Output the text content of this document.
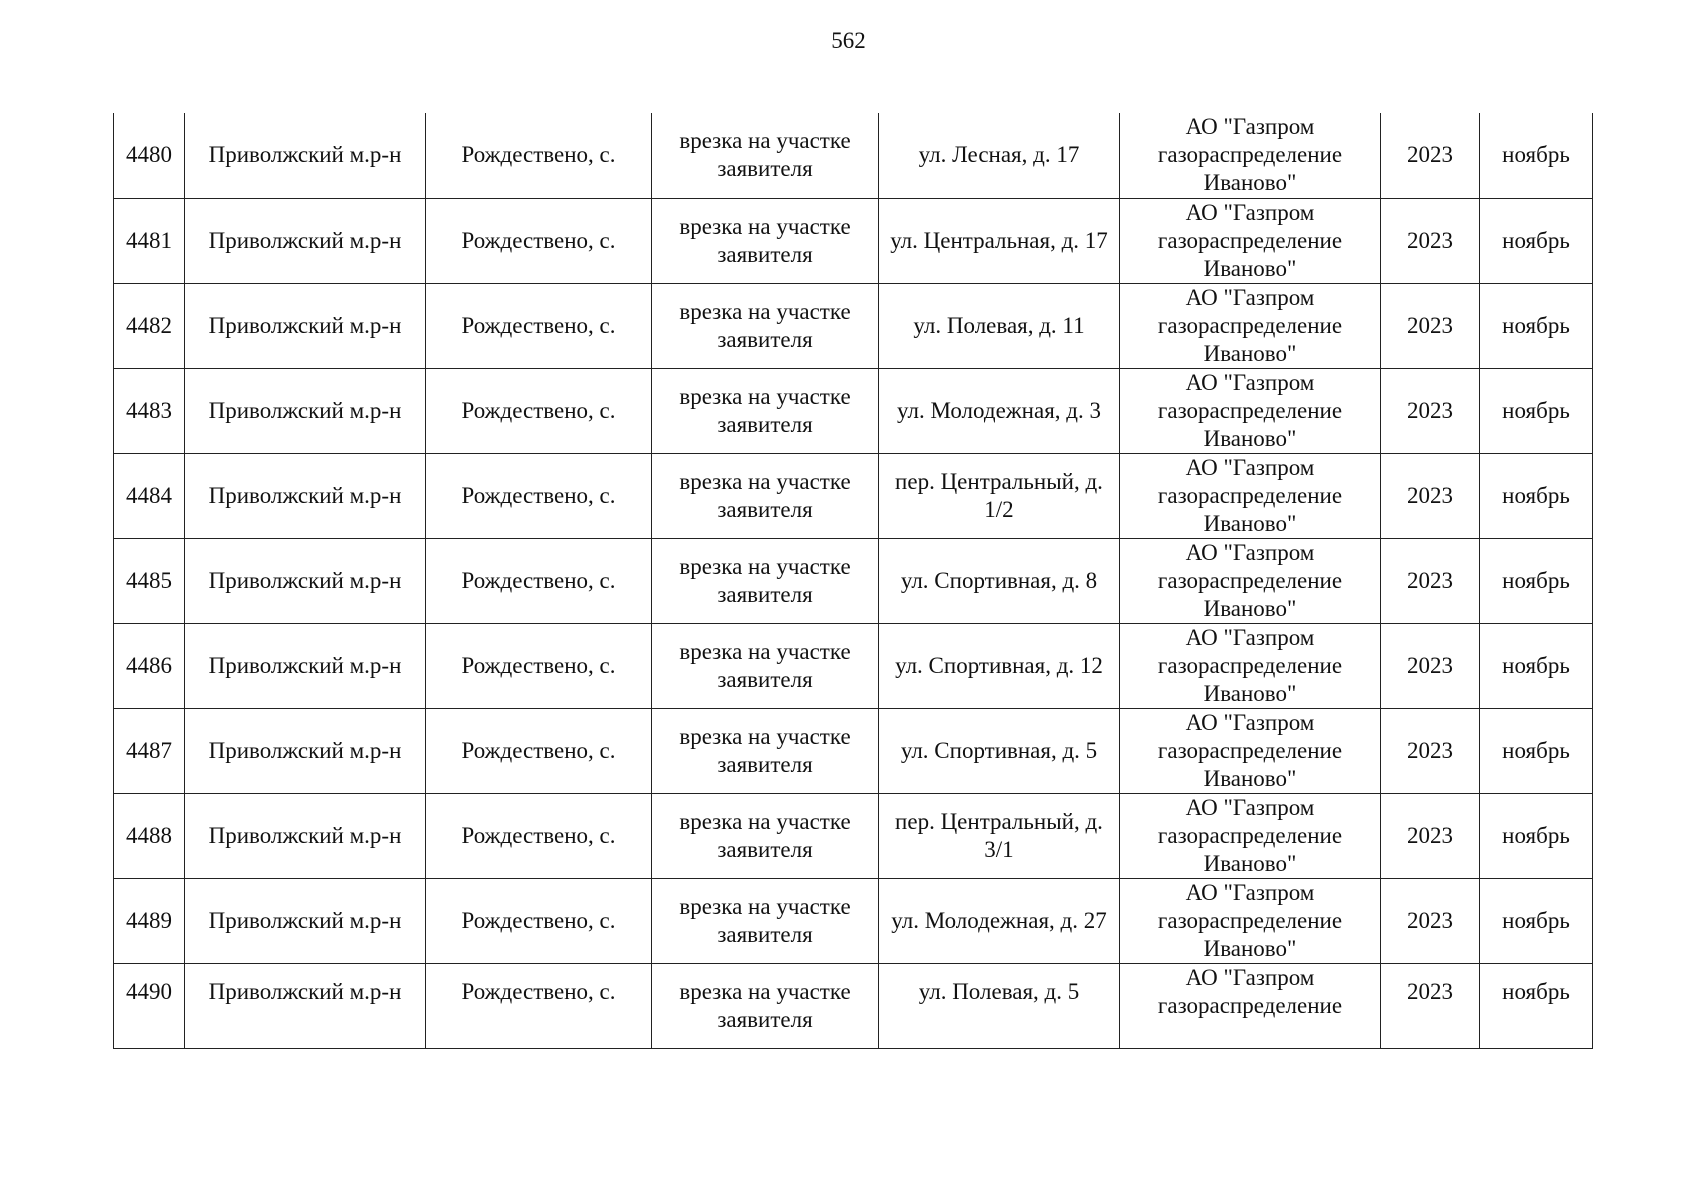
562
4480	Приволжский м.р-н	Рождествено, с.	врезка на участке заявителя	ул. Лесная, д. 17	АО "Газпром газораспределение Иваново"	2023	ноябрь

4481	Приволжский м.р-н	Рождествено, с.	врезка на участке заявителя	ул. Центральная, д. 17	АО "Газпром газораспределение Иваново"	2023	ноябрь

4482	Приволжский м.р-н	Рождествено, с.	врезка на участке заявителя	ул. Полевая, д. 11	АО "Газпром газораспределение Иваново"	2023	ноябрь

4483	Приволжский м.р-н	Рождествено, с.	врезка на участке заявителя	ул. Молодежная, д. 3	АО "Газпром газораспределение Иваново"	2023	ноябрь

4484	Приволжский м.р-н	Рождествено, с.	врезка на участке заявителя	пер. Центральный, д. 1/2	АО "Газпром газораспределение Иваново"	2023	ноябрь

4485	Приволжский м.р-н	Рождествено, с.	врезка на участке заявителя	ул. Спортивная, д. 8	АО "Газпром газораспределение Иваново"	2023	ноябрь

4486	Приволжский м.р-н	Рождествено, с.	врезка на участке заявителя	ул. Спортивная, д. 12	АО "Газпром газораспределение Иваново"	2023	ноябрь

4487	Приволжский м.р-н	Рождествено, с.	врезка на участке заявителя	ул. Спортивная, д. 5	АО "Газпром газораспределение Иваново"	2023	ноябрь

4488	Приволжский м.р-н	Рождествено, с.	врезка на участке заявителя	пер. Центральный, д. 3/1	АО "Газпром газораспределение Иваново"	2023	ноябрь

4489	Приволжский м.р-н	Рождествено, с.	врезка на участке заявителя	ул. Молодежная, д. 27	АО "Газпром газораспределение Иваново"	2023	ноябрь

4490	Приволжский м.р-н	Рождествено, с.	врезка на участке заявителя	ул. Полевая, д. 5	АО "Газпром газораспределение	2023	ноябрь
